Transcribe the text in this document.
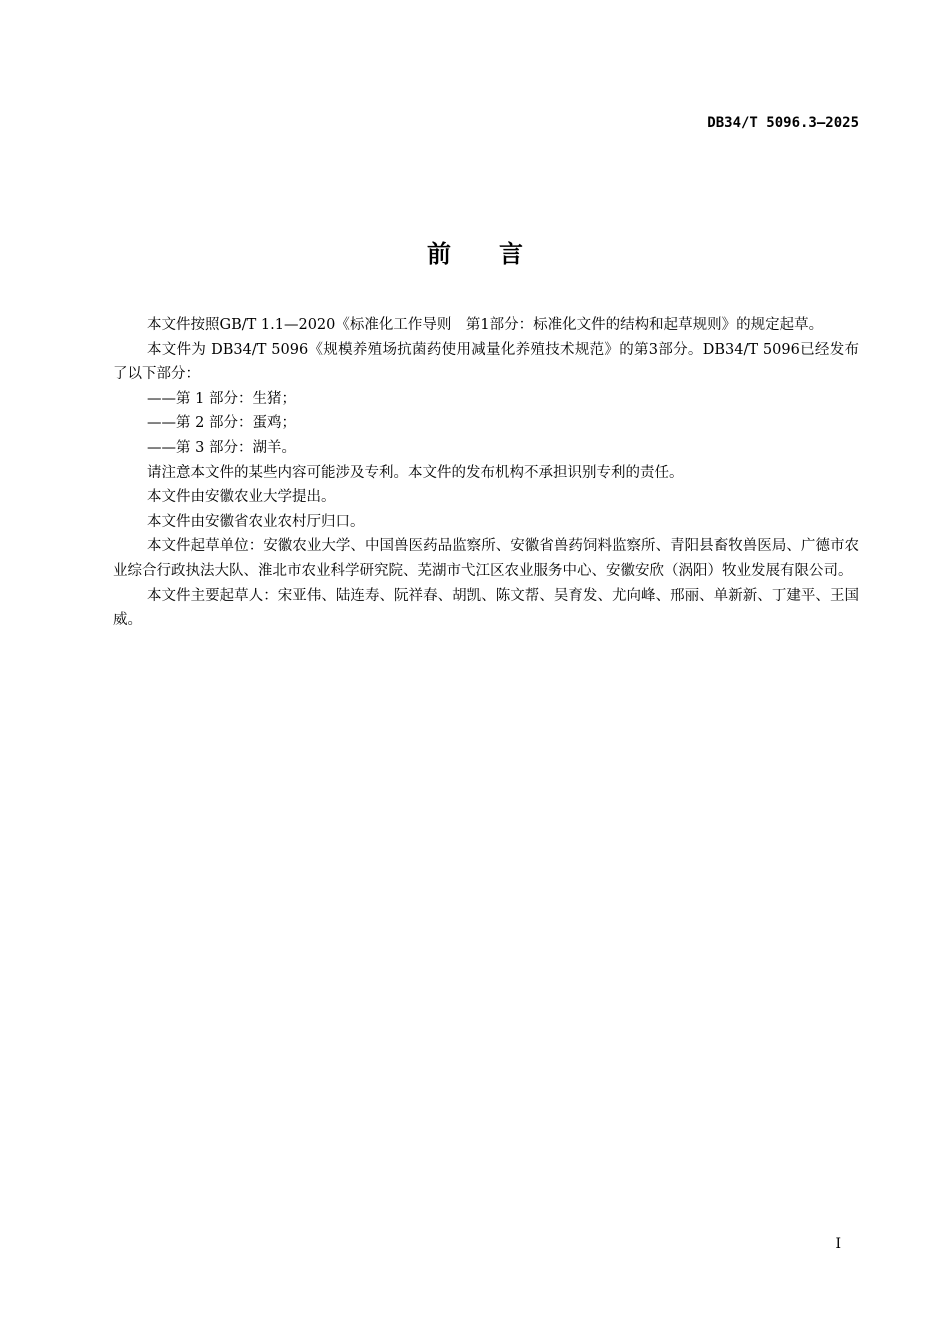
DB34/T 5096.3—2025
前言

本文件按照GB/T 1.1—2020《标准化工作导则　第1部分：标准化文件的结构和起草规则》的规定起草。

本文件为 DB34/T 5096《规模养殖场抗菌药使用减量化养殖技术规范》的第3部分。DB34/T 5096已经发布了以下部分：

——第 1 部分：生猪；

——第 2 部分：蛋鸡；

——第 3 部分：湖羊。

请注意本文件的某些内容可能涉及专利。本文件的发布机构不承担识别专利的责任。

本文件由安徽农业大学提出。

本文件由安徽省农业农村厅归口。

本文件起草单位：安徽农业大学、中国兽医药品监察所、安徽省兽药饲料监察所、青阳县畜牧兽医局、广德市农业综合行政执法大队、淮北市农业科学研究院、芜湖市弋江区农业服务中心、安徽安欣（涡阳）牧业发展有限公司。

本文件主要起草人：宋亚伟、陆连寿、阮祥春、胡凯、陈文帮、吴育发、尤向峰、邢丽、单新新、丁建平、王国威。

I
